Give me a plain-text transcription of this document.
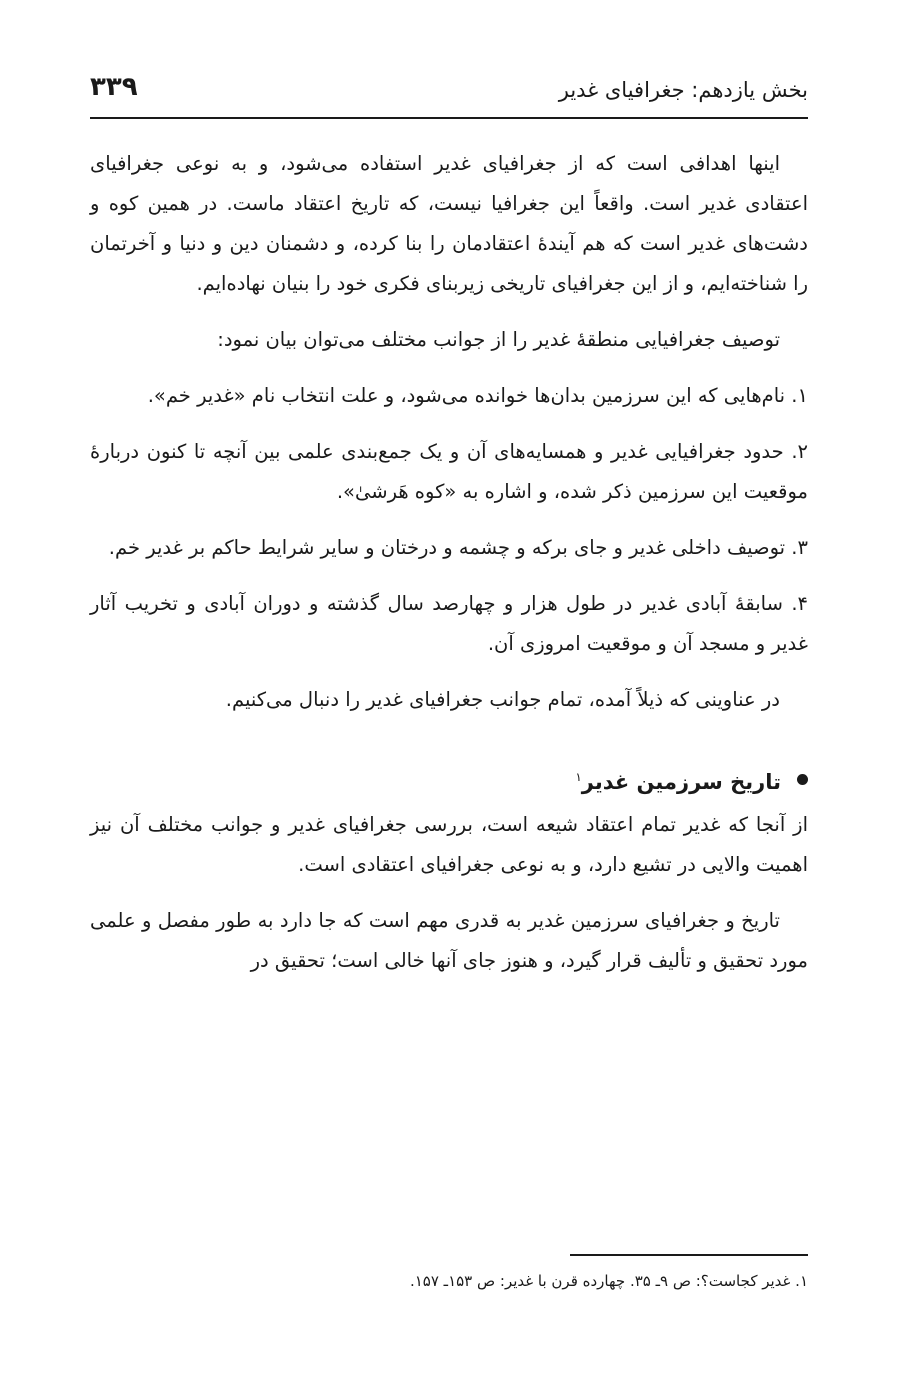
بخش یازدهم: جغرافیای غدیر
۳۳۹

اینها اهدافی است که از جغرافیای غدیر استفاده می‌شود، و به نوعی جغرافیای اعتقادی غدیر است. واقعاً این جغرافیا نیست، که تاریخ اعتقاد ماست. در همین کوه و دشت‌های غدیر است که هم آیندهٔ اعتقادمان را بنا کرده، و دشمنان دین و دنیا و آخرتمان را شناخته‌ایم، و از این جغرافیای تاریخی زیربنای فکری خود را بنیان نهاده‌ایم.

توصیف جغرافیایی منطقهٔ غدیر را از جوانب مختلف می‌توان بیان نمود:

۱. نام‌هایی که این سرزمین بدان‌ها خوانده می‌شود، و علت انتخاب نام «غدیر خم».

۲. حدود جغرافیایی غدیر و همسایه‌های آن و یک جمع‌بندی علمی بین آنچه تا کنون دربارهٔ موقعیت این سرزمین ذکر شده، و اشاره به «کوه هَرشیٰ».

۳. توصیف داخلی غدیر و جای برکه و چشمه و درختان و سایر شرایط حاکم بر غدیر خم.

۴. سابقهٔ آبادی غدیر در طول هزار و چهارصد سال گذشته و دوران آبادی و تخریب آثار غدیر و مسجد آن و موقعیت امروزی آن.

در عناوینی که ذیلاً آمده، تمام جوانب جغرافیای غدیر را دنبال می‌کنیم.

تاریخ سرزمین غدیر$^۱$

از آنجا که غدیر تمام اعتقاد شیعه است، بررسی جغرافیای غدیر و جوانب مختلف آن نیز اهمیت والایی در تشیع دارد، و به نوعی جغرافیای اعتقادی است.

تاریخ و جغرافیای سرزمین غدیر به قدری مهم است که جا دارد به طور مفصل و علمی مورد تحقیق و تألیف قرار گیرد، و هنوز جای آنها خالی است؛ تحقیق در

۱. غدیر کجاست؟: ص ۹ـ ۳۵. چهارده قرن با غدیر: ص ۱۵۳ـ ۱۵۷.
